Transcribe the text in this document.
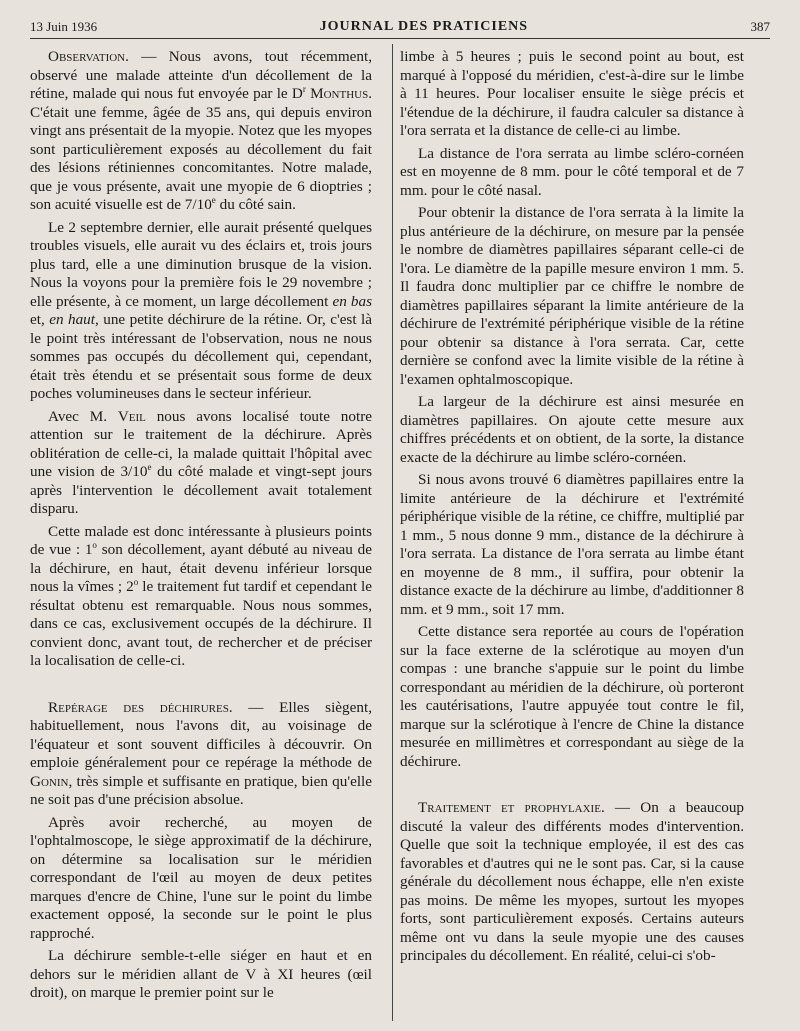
13 Juin 1936	JOURNAL DES PRATICIENS	387

Observation. — Nous avons, tout récemment, observé une malade atteinte d'un décollement de la rétine, malade qui nous fut envoyée par le $D^r$ Monthus. C'était une femme, âgée de 35 ans, qui depuis environ vingt ans présentait de la myopie. Notez que les myopes sont particulièrement exposés au décollement du fait des lésions rétiniennes concomitantes. Notre malade, que je vous présente, avait une myopie de 6 dioptries ; son acuité visuelle est de 7/10e du côté sain.

Le 2 septembre dernier, elle aurait présenté quelques troubles visuels, elle aurait vu des éclairs et, trois jours plus tard, elle a une diminution brusque de la vision. Nous la voyons pour la première fois le 29 novembre ; elle présente, à ce moment, un large décollement en bas et, en haut, une petite déchirure de la rétine. Or, c'est là le point très intéressant de l'observation, nous ne nous sommes pas occupés du décollement qui, cependant, était très étendu et se présentait sous forme de deux poches volumineuses dans le secteur inférieur.

Avec M. Veil nous avons localisé toute notre attention sur le traitement de la déchirure. Après oblitération de celle-ci, la malade quittait l'hôpital avec une vision de 3/10e du côté malade et vingt-sept jours après l'intervention le décollement avait totalement disparu.

Cette malade est donc intéressante à plusieurs points de vue : 1$^o$ son décollement, ayant débuté au niveau de la déchirure, en haut, était devenu inférieur lorsque nous la vîmes ; 2$^o$ le traitement fut tardif et cependant le résultat obtenu est remarquable. Nous nous sommes, dans ce cas, exclusivement occupés de la déchirure. Il convient donc, avant tout, de rechercher et de préciser la localisation de celle-ci.

Repérage des déchirures. — Elles siègent, habituellement, nous l'avons dit, au voisinage de l'équateur et sont souvent difficiles à découvrir. On emploie généralement pour ce repérage la méthode de Gonin, très simple et suffisante en pratique, bien qu'elle ne soit pas d'une précision absolue.

Après avoir recherché, au moyen de l'ophtalmoscope, le siège approximatif de la déchirure, on détermine sa localisation sur le méridien correspondant de l'œil au moyen de deux petites marques d'encre de Chine, l'une sur le point du limbe exactement opposé, la seconde sur le point le plus rapproché.

La déchirure semble-t-elle siéger en haut et en dehors sur le méridien allant de V à XI heures (œil droit), on marque le premier point sur le

limbe à 5 heures ; puis le second point au bout, est marqué à l'opposé du méridien, c'est-à-dire sur le limbe à 11 heures. Pour localiser ensuite le siège précis et l'étendue de la déchirure, il faudra calculer sa distance à l'ora serrata et la distance de celle-ci au limbe.

La distance de l'ora serrata au limbe scléro-cornéen est en moyenne de 8 mm. pour le côté temporal et de 7 mm. pour le côté nasal.

Pour obtenir la distance de l'ora serrata à la limite la plus antérieure de la déchirure, on mesure par la pensée le nombre de diamètres papillaires séparant celle-ci de l'ora. Le diamètre de la papille mesure environ 1 mm. 5. Il faudra donc multiplier par ce chiffre le nombre de diamètres papillaires séparant la limite antérieure de la déchirure de l'extrémité périphérique visible de la rétine pour obtenir sa distance à l'ora serrata. Car, cette dernière se confond avec la limite visible de la rétine à l'examen ophtalmoscopique.

La largeur de la déchirure est ainsi mesurée en diamètres papillaires. On ajoute cette mesure aux chiffres précédents et on obtient, de la sorte, la distance exacte de la déchirure au limbe scléro-cornéen.

Si nous avons trouvé 6 diamètres papillaires entre la limite antérieure de la déchirure et l'extrémité périphérique visible de la rétine, ce chiffre, multiplié par 1 mm., 5 nous donne 9 mm., distance de la déchirure à l'ora serrata. La distance de l'ora serrata au limbe étant en moyenne de 8 mm., il suffira, pour obtenir la distance exacte de la déchirure au limbe, d'additionner 8 mm. et 9 mm., soit 17 mm.

Cette distance sera reportée au cours de l'opération sur la face externe de la sclérotique au moyen d'un compas : une branche s'appuie sur le point du limbe correspondant au méridien de la déchirure, où porteront les cautérisations, l'autre appuyée tout contre le fil, marque sur la sclérotique à l'encre de Chine la distance mesurée en millimètres et correspondant au siège de la déchirure.

Traitement et prophylaxie. — On a beaucoup discuté la valeur des différents modes d'intervention. Quelle que soit la technique employée, il est des cas favorables et d'autres qui ne le sont pas. Car, si la cause générale du décollement nous échappe, elle n'en existe pas moins. De même les myopes, surtout les myopes forts, sont particulièrement exposés. Certains auteurs même ont vu dans la seule myopie une des causes principales du décollement. En réalité, celui-ci s'ob-
